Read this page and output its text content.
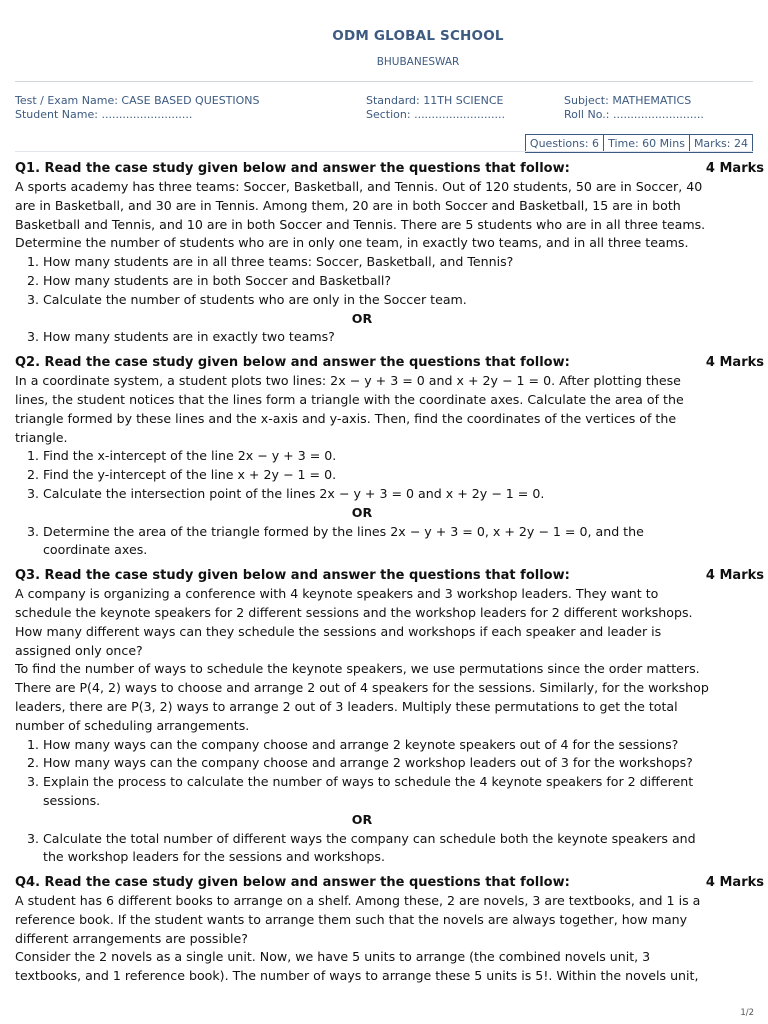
ODM GLOBAL SCHOOL
BHUBANESWAR
Test / Exam Name: CASE BASED QUESTIONS
Student Name: ..........................
Standard: 11TH SCIENCE
Section: ..........................
Subject: MATHEMATICS
Roll No.: ..........................
Questions: 6 Time: 60 Mins Marks: 24
Q1. Read the case study given below and answer the questions that follow:	4 Marks
A sports academy has three teams: Soccer, Basketball, and Tennis. Out of 120 students, 50 are in Soccer, 40 are in Basketball, and 30 are in Tennis. Among them, 20 are in both Soccer and Basketball, 15 are in both Basketball and Tennis, and 10 are in both Soccer and Tennis. There are 5 students who are in all three teams. Determine the number of students who are in only one team, in exactly two teams, and in all three teams.
1. How many students are in all three teams: Soccer, Basketball, and Tennis?
2. How many students are in both Soccer and Basketball?
3. Calculate the number of students who are only in the Soccer team.
OR
3. How many students are in exactly two teams?
Q2. Read the case study given below and answer the questions that follow:	4 Marks
In a coordinate system, a student plots two lines: 2x − y + 3 = 0 and x + 2y − 1 = 0. After plotting these lines, the student notices that the lines form a triangle with the coordinate axes. Calculate the area of the triangle formed by these lines and the x-axis and y-axis. Then, find the coordinates of the vertices of the triangle.
1. Find the x-intercept of the line 2x − y + 3 = 0.
2. Find the y-intercept of the line x + 2y − 1 = 0.
3. Calculate the intersection point of the lines 2x − y + 3 = 0 and x + 2y − 1 = 0.
OR
3. Determine the area of the triangle formed by the lines 2x − y + 3 = 0, x + 2y − 1 = 0, and the coordinate axes.
Q3. Read the case study given below and answer the questions that follow:	4 Marks
A company is organizing a conference with 4 keynote speakers and 3 workshop leaders. They want to schedule the keynote speakers for 2 different sessions and the workshop leaders for 2 different workshops. How many different ways can they schedule the sessions and workshops if each speaker and leader is assigned only once?
To find the number of ways to schedule the keynote speakers, we use permutations since the order matters. There are P(4, 2) ways to choose and arrange 2 out of 4 speakers for the sessions. Similarly, for the workshop leaders, there are P(3, 2) ways to arrange 2 out of 3 leaders. Multiply these permutations to get the total number of scheduling arrangements.
1. How many ways can the company choose and arrange 2 keynote speakers out of 4 for the sessions?
2. How many ways can the company choose and arrange 2 workshop leaders out of 3 for the workshops?
3. Explain the process to calculate the number of ways to schedule the 4 keynote speakers for 2 different sessions.
OR
3. Calculate the total number of different ways the company can schedule both the keynote speakers and the workshop leaders for the sessions and workshops.
Q4. Read the case study given below and answer the questions that follow:	4 Marks
A student has 6 different books to arrange on a shelf. Among these, 2 are novels, 3 are textbooks, and 1 is a reference book. If the student wants to arrange them such that the novels are always together, how many different arrangements are possible?
Consider the 2 novels as a single unit. Now, we have 5 units to arrange (the combined novels unit, 3 textbooks, and 1 reference book). The number of ways to arrange these 5 units is 5!. Within the novels unit,
1/2
